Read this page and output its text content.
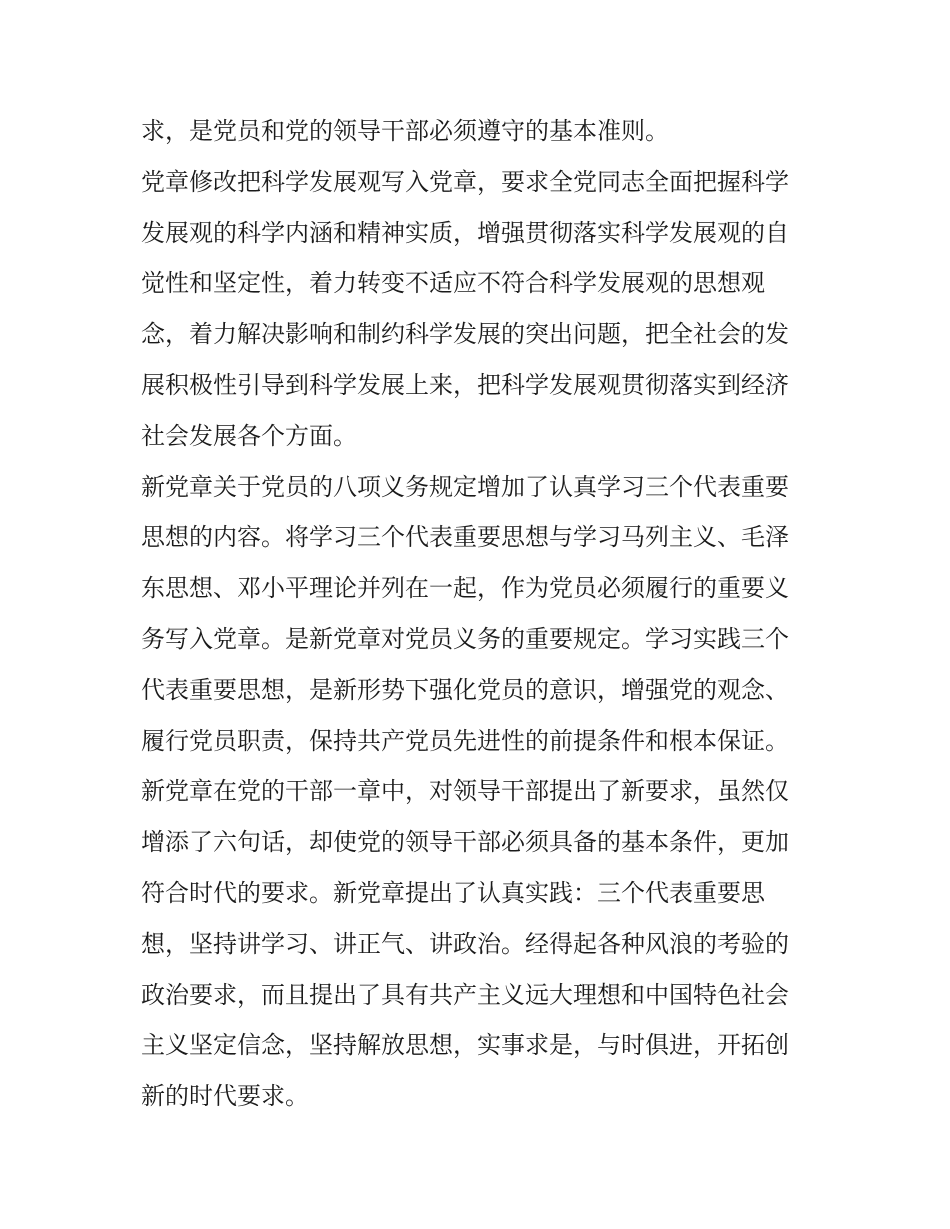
求，是党员和党的领导干部必须遵守的基本准则。
党章修改把科学发展观写入党章，要求全党同志全面把握科学
发展观的科学内涵和精神实质，增强贯彻落实科学发展观的自
觉性和坚定性，着力转变不适应不符合科学发展观的思想观
念，着力解决影响和制约科学发展的突出问题，把全社会的发
展积极性引导到科学发展上来，把科学发展观贯彻落实到经济
社会发展各个方面。
新党章关于党员的八项义务规定增加了认真学习三个代表重要
思想的内容。将学习三个代表重要思想与学习马列主义、毛泽
东思想、邓小平理论并列在一起，作为党员必须履行的重要义
务写入党章。是新党章对党员义务的重要规定。学习实践三个
代表重要思想，是新形势下强化党员的意识，增强党的观念、
履行党员职责，保持共产党员先进性的前提条件和根本保证。
新党章在党的干部一章中，对领导干部提出了新要求，虽然仅
增添了六句话，却使党的领导干部必须具备的基本条件，更加
符合时代的要求。新党章提出了认真实践：三个代表重要思
想，坚持讲学习、讲正气、讲政治。经得起各种风浪的考验的
政治要求，而且提出了具有共产主义远大理想和中国特色社会
主义坚定信念，坚持解放思想，实事求是，与时俱进，开拓创
新的时代要求。
